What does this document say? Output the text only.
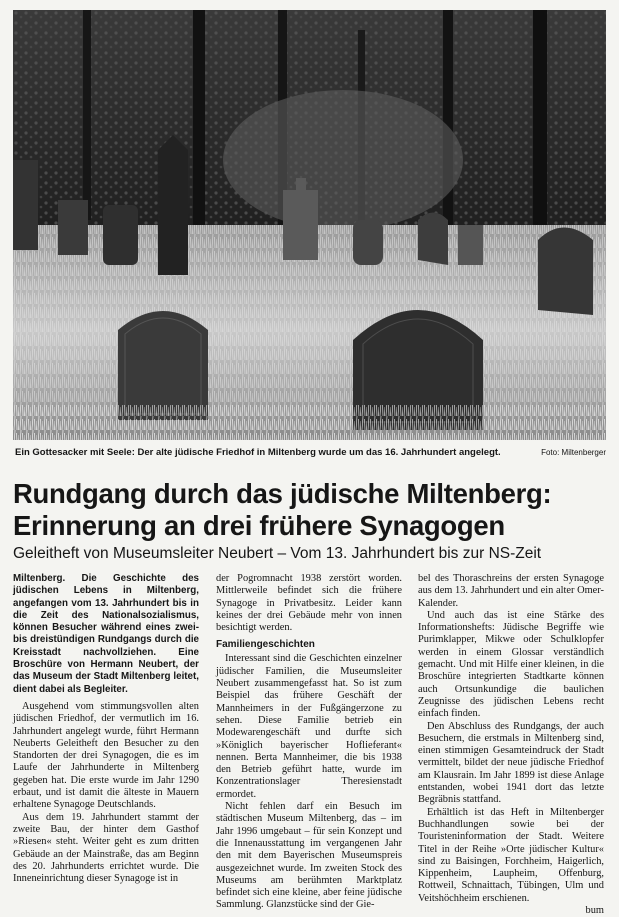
Ein Gottesacker mit Seele: Der alte jüdische Friedhof in Miltenberg wurde um das 16. Jahrhundert angelegt.	Foto: Miltenberger
Rundgang durch das jüdische Miltenberg:
Erinnerung an drei frühere Synagogen
Geleitheft von Museumsleiter Neubert – Vom 13. Jahrhundert bis zur NS-Zeit

Miltenberg. Die Geschichte des jüdischen Lebens in Miltenberg, angefangen vom 13. Jahrhundert bis in die Zeit des Nationalsozialismus, können Besucher während eines zwei- bis dreistündigen Rundgangs durch die Kreisstadt nachvollziehen. Eine Broschüre von Hermann Neubert, der das Museum der Stadt Miltenberg leitet, dient dabei als Begleiter.

Ausgehend vom stimmungsvollen alten jüdischen Friedhof, der vermutlich im 16. Jahrhundert angelegt wurde, führt Hermann Neuberts Geleitheft den Besucher zu den Standorten der drei Synagogen, die es im Laufe der Jahrhunderte in Miltenberg gegeben hat. Die erste wurde im Jahr 1290 erbaut, und ist damit die älteste in Mauern erhaltene Synagoge Deutschlands.

Aus dem 19. Jahrhundert stammt der zweite Bau, der hinter dem Gasthof »Riesen« steht. Weiter geht es zum dritten Gebäude an der Mainstraße, das am Beginn des 20. Jahrhunderts errichtet wurde. Die Inneneinrichtung dieser Synagoge ist in

der Pogromnacht 1938 zerstört worden. Mittlerweile befindet sich die frühere Synagoge in Privatbesitz. Leider kann keines der drei Gebäude mehr von innen besichtigt werden.

Familiengeschichten

Interessant sind die Geschichten einzelner jüdischer Familien, die Museumsleiter Neubert zusammengefasst hat. So ist zum Beispiel das frühere Geschäft der Mannheimers in der Fußgängerzone zu sehen. Diese Familie betrieb ein Modewarengeschäft und durfte sich »Königlich bayerischer Hoflieferant« nennen. Berta Mannheimer, die bis 1938 den Betrieb geführt hatte, wurde im Konzentrationslager Theresienstadt ermordet.

Nicht fehlen darf ein Besuch im städtischen Museum Miltenberg, das – im Jahr 1996 umgebaut – für sein Konzept und die Innenausstattung im vergangenen Jahr den mit dem Bayerischen Museumspreis ausgezeichnet wurde. Im zweiten Stock des Museums am berühmten Marktplatz befindet sich eine kleine, aber feine jüdische Sammlung. Glanzstücke sind der Gie-

bel des Thoraschreins der ersten Synagoge aus dem 13. Jahrhundert und ein alter Omer-Kalender.

Und auch das ist eine Stärke des Informationshefts: Jüdische Begriffe wie Purimklapper, Mikwe oder Schulklopfer werden in einem Glossar verständlich gemacht. Und mit Hilfe einer kleinen, in die Broschüre integrierten Stadtkarte können auch Ortsunkundige die baulichen Zeugnisse des jüdischen Lebens recht einfach finden.

Den Abschluss des Rundgangs, der auch Besuchern, die erstmals in Miltenberg sind, einen stimmigen Gesamteindruck der Stadt vermittelt, bildet der neue jüdische Friedhof am Klausrain. Im Jahr 1899 ist diese Anlage entstanden, wobei 1941 dort das letzte Begräbnis stattfand.

Erhältlich ist das Heft in Miltenberger Buchhandlungen sowie bei der Touristeninformation der Stadt. Weitere Titel in der Reihe »Orte jüdischer Kultur« sind zu Baisingen, Forchheim, Haigerlich, Kippenheim, Laupheim, Offenburg, Rottweil, Schnaittach, Tübingen, Ulm und Veitshöchheim erschienen.

bum
